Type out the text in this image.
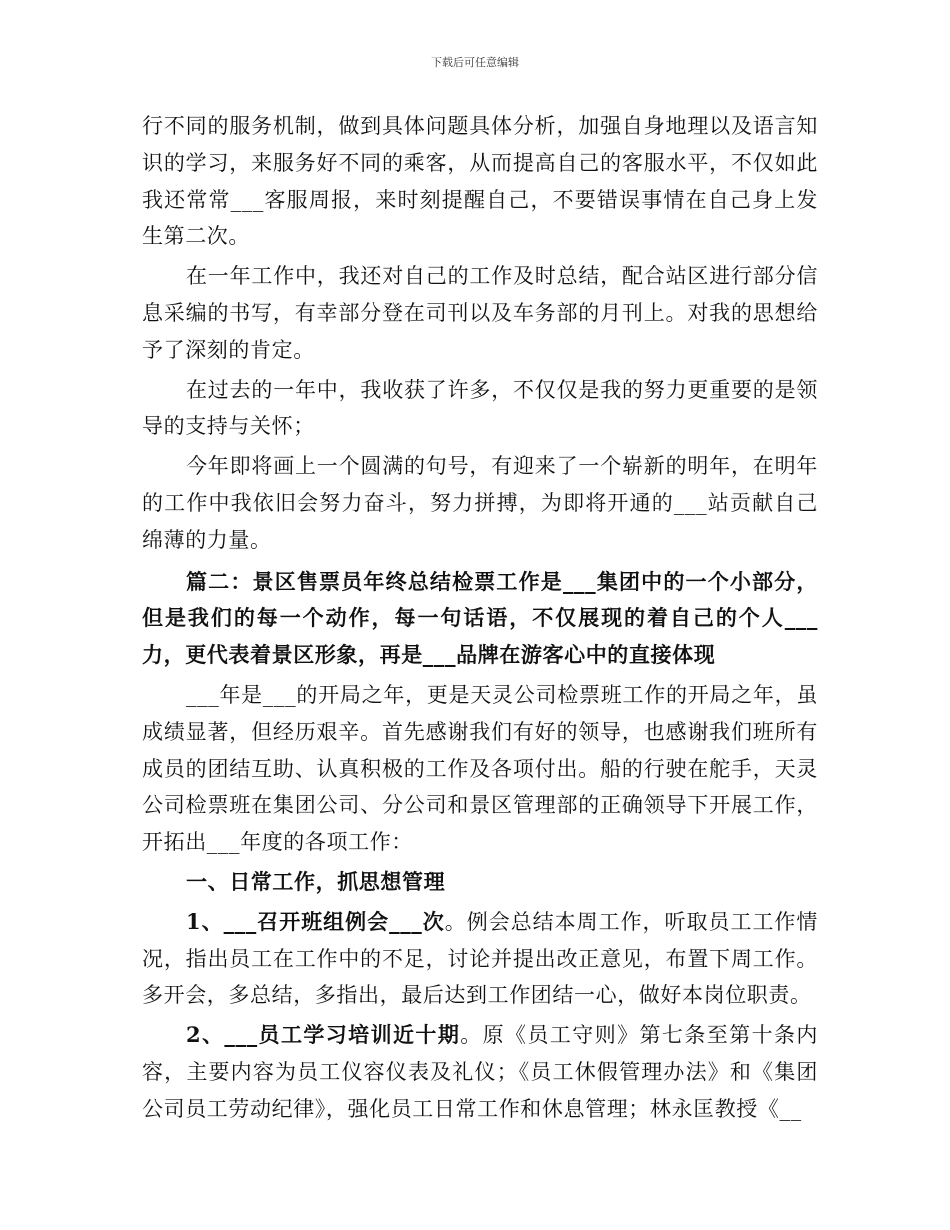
下载后可任意编辑

行不同的服务机制，做到具体问题具体分析，加强自身地理以及语言知识的学习，来服务好不同的乘客，从而提高自己的客服水平，不仅如此我还常常___客服周报，来时刻提醒自己，不要错误事情在自己身上发生第二次。

在一年工作中，我还对自己的工作及时总结，配合站区进行部分信息采编的书写，有幸部分登在司刊以及车务部的月刊上。对我的思想给予了深刻的肯定。

在过去的一年中，我收获了许多，不仅仅是我的努力更重要的是领导的支持与关怀；

今年即将画上一个圆满的句号，有迎来了一个崭新的明年，在明年的工作中我依旧会努力奋斗，努力拼搏，为即将开通的___站贡献自己绵薄的力量。

篇二：景区售票员年终总结检票工作是___集团中的一个小部分，但是我们的每一个动作，每一句话语，不仅展现的着自己的个人___力，更代表着景区形象，再是___品牌在游客心中的直接体现

___年是___的开局之年，更是天灵公司检票班工作的开局之年，虽成绩显著，但经历艰辛。首先感谢我们有好的领导，也感谢我们班所有成员的团结互助、认真积极的工作及各项付出。船的行驶在舵手，天灵公司检票班在集团公司、分公司和景区管理部的正确领导下开展工作，开拓出___年度的各项工作：

一、日常工作，抓思想管理

1、___召开班组例会___次。例会总结本周工作，听取员工工作情况，指出员工在工作中的不足，讨论并提出改正意见，布置下周工作。多开会，多总结，多指出，最后达到工作团结一心，做好本岗位职责。

2、___员工学习培训近十期。原《员工守则》第七条至第十条内容，主要内容为员工仪容仪表及礼仪；《员工休假管理办法》和《集团公司员工劳动纪律》，强化员工日常工作和休息管理；林永匡教授《__
